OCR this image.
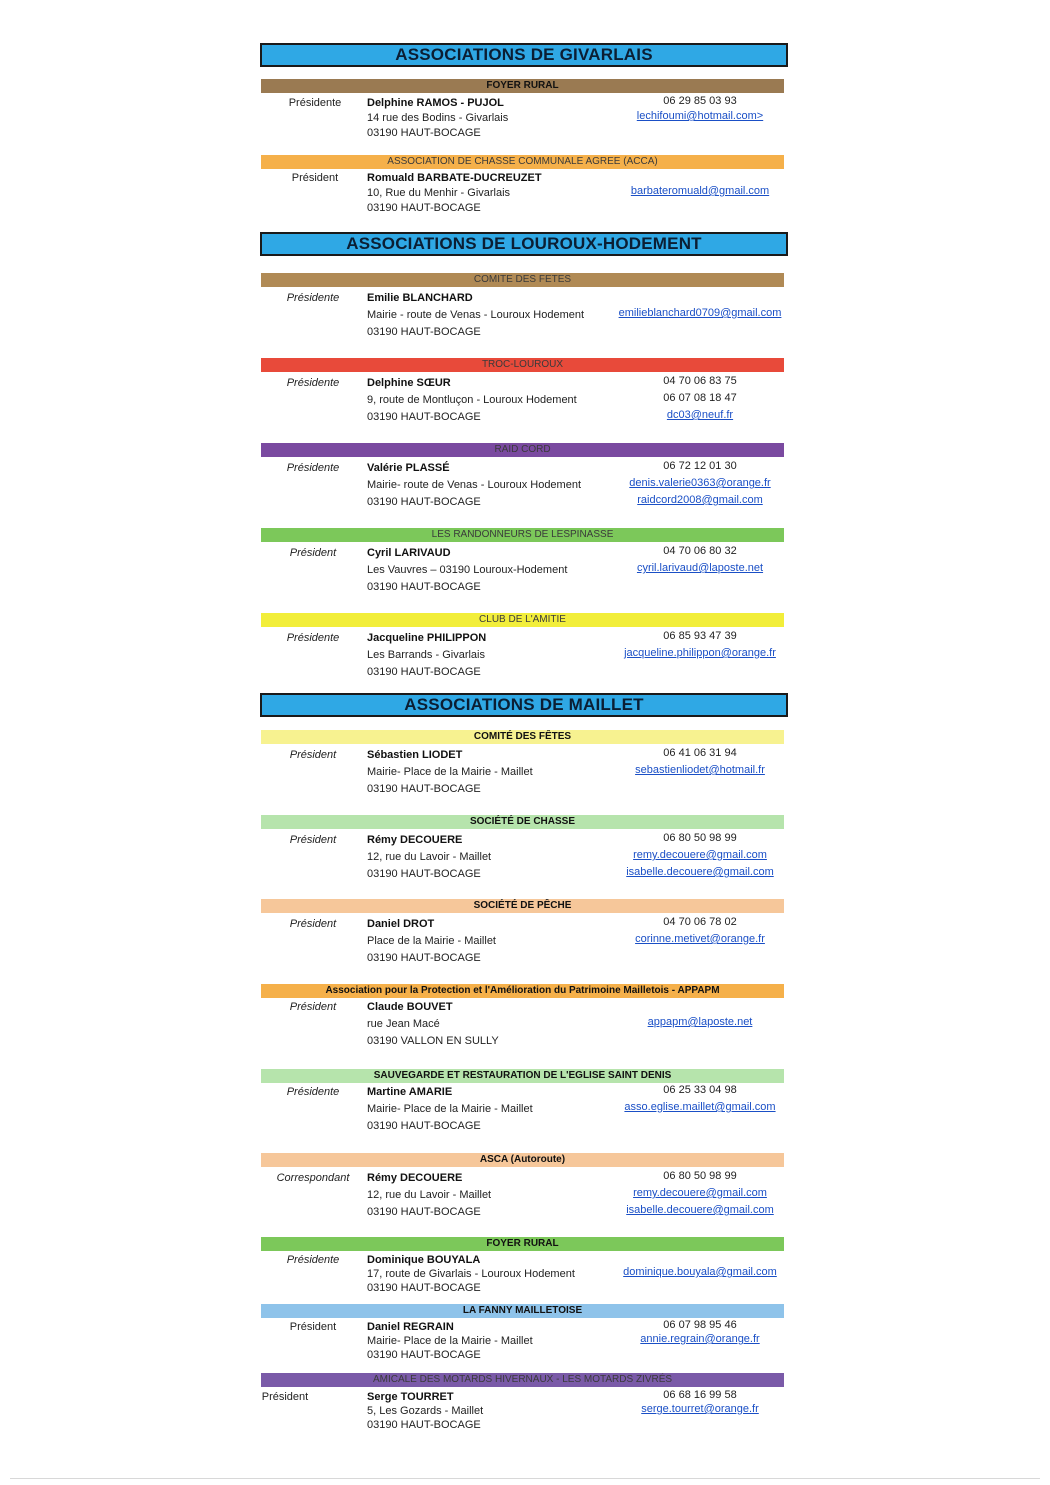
ASSOCIATIONS DE GIVARLAIS
ASSOCIATIONS DE LOUROUX-HODEMENT
ASSOCIATIONS DE MAILLET
FOYER RURAL
Présidente	Delphine RAMOS - PUJOL
14 rue des Bodins - Givarlais
03190 HAUT-BOCAGE
06 29 85 03 93
lechifoumi@hotmail.com>
ASSOCIATION DE CHASSE COMMUNALE AGREE (ACCA)
Président	Romuald BARBATE-DUCREUZET
10, Rue du Menhir - Givarlais
03190 HAUT-BOCAGE
barbateromuald@gmail.com
COMITE DES FETES
Présidente	Emilie BLANCHARD
Mairie - route de Venas - Louroux Hodement
03190 HAUT-BOCAGE
emilieblanchard0709@gmail.com
TROC-LOUROUX
Présidente	Delphine SŒUR
9, route de Montluçon - Louroux Hodement
03190 HAUT-BOCAGE
04 70 06 83 75
06 07 08 18 47
dc03@neuf.fr
RAID CORD
Présidente	Valérie PLASSÉ
Mairie- route de Venas - Louroux Hodement
03190 HAUT-BOCAGE
06 72 12 01 30
denis.valerie0363@orange.fr
raidcord2008@gmail.com
LES RANDONNEURS DE LESPINASSE
Président	Cyril LARIVAUD
Les Vauvres – 03190 Louroux-Hodement
03190 HAUT-BOCAGE
04 70 06 80 32
cyril.larivaud@laposte.net
CLUB DE L'AMITIE
Présidente	Jacqueline PHILIPPON
Les Barrands - Givarlais
03190 HAUT-BOCAGE
06 85 93 47 39
jacqueline.philippon@orange.fr
COMITÉ DES FÊTES
Président	Sébastien LIODET
Mairie- Place de la Mairie - Maillet
03190 HAUT-BOCAGE
06 41 06 31 94
sebastienliodet@hotmail.fr
SOCIÉTÉ DE CHASSE
Président	Rémy DECOUERE
12, rue du Lavoir - Maillet
03190 HAUT-BOCAGE
06 80 50 98 99
remy.decouere@gmail.com
isabelle.decouere@gmail.com
SOCIÉTÉ DE PÊCHE
Président	Daniel DROT
Place de la Mairie - Maillet
03190 HAUT-BOCAGE
04 70 06 78 02
corinne.metivet@orange.fr
Association pour la Protection et l'Amélioration du Patrimoine Mailletois - APPAPM
Président	Claude BOUVET
rue Jean Macé
03190 VALLON EN SULLY
appapm@laposte.net
SAUVEGARDE ET RESTAURATION DE L'EGLISE SAINT DENIS
Présidente	Martine AMARIE
Mairie- Place de la Mairie - Maillet
03190 HAUT-BOCAGE
06 25 33 04 98
asso.eglise.maillet@gmail.com
ASCA (Autoroute)
Correspondant	Rémy DECOUERE
12, rue du Lavoir - Maillet
03190 HAUT-BOCAGE
06 80 50 98 99
remy.decouere@gmail.com
isabelle.decouere@gmail.com
FOYER RURAL
Présidente	Dominique BOUYALA
17, route de Givarlais - Louroux Hodement
03190 HAUT-BOCAGE
dominique.bouyala@gmail.com
LA FANNY MAILLETOISE
Président	Daniel REGRAIN
Mairie- Place de la Mairie - Maillet
03190 HAUT-BOCAGE
06 07 98 95 46
annie.regrain@orange.fr
AMICALE DES MOTARDS HIVERNAUX - LES MOTARDS ZIVRÉS
Président	Serge TOURRET
5, Les Gozards - Maillet
03190 HAUT-BOCAGE
06 68 16 99 58
serge.tourret@orange.fr
